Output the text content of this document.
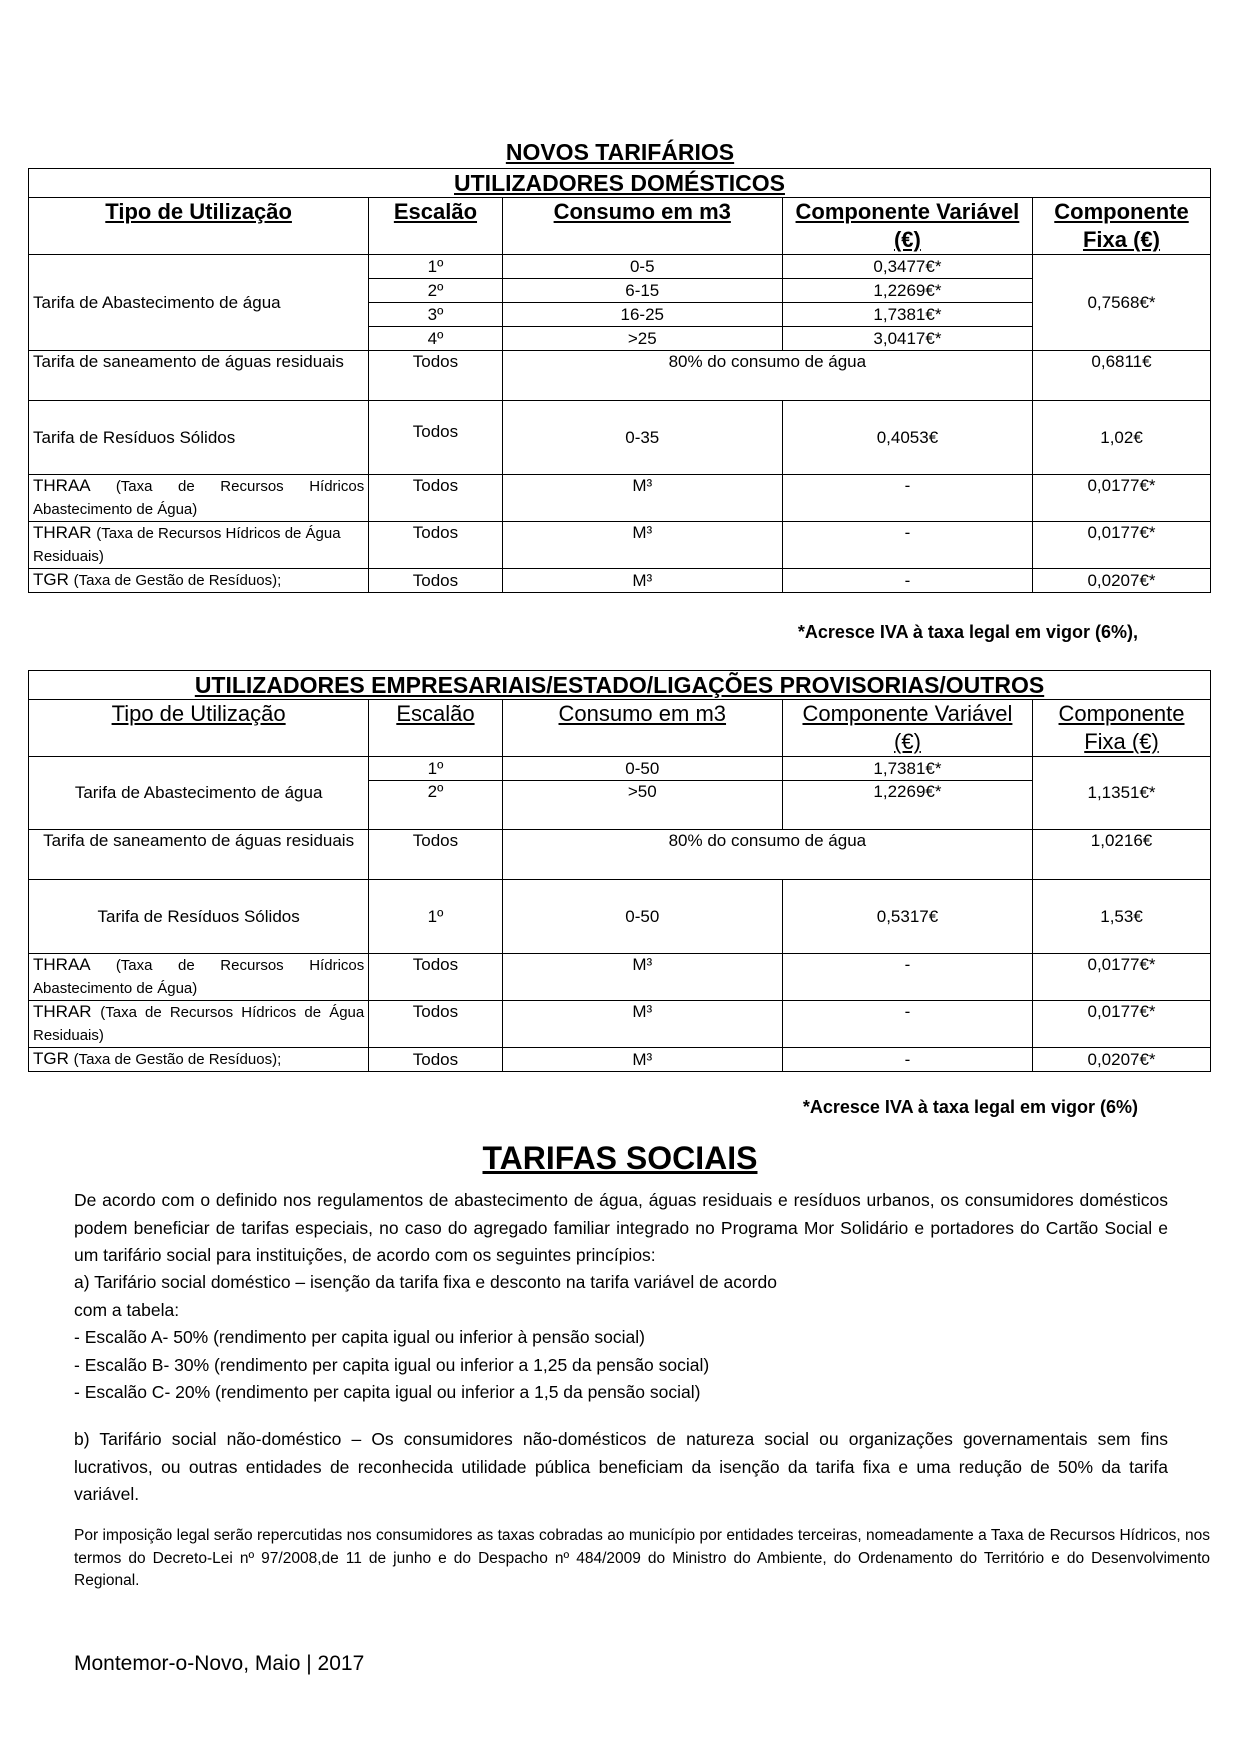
NOVOS TARIFÁRIOS
UTILIZADORES DOMÉSTICOS				
Tipo de Utilização	Escalão	Consumo em m3	Componente Variável (€)	Componente Fixa (€)
Tarifa de Abastecimento de água	1º	0-5	0,3477€*	0,7568€*
	2º	6-15	1,2269€*	
	3º	16-25	1,7381€*	
	4º	>25	3,0417€*	
Tarifa de saneamento de águas residuais	Todos	80% do consumo de água		0,6811€
Tarifa de Resíduos Sólidos	Todos	0-35	0,4053€	1,02€
THRAA (Taxa de Recursos Hídricos Abastecimento de Água)	Todos	M³	-	0,0177€*
THRAR (Taxa de Recursos Hídricos de Água Residuais)	Todos	M³	-	0,0177€*
TGR (Taxa de Gestão de Resíduos);	Todos	M³	-	0,0207€*
*Acresce IVA à taxa legal em vigor (6%),
UTILIZADORES EMPRESARIAIS/ESTADO/LIGAÇÕES PROVISORIAS/OUTROS				
Tipo de Utilização	Escalão	Consumo em m3	Componente Variável (€)	Componente Fixa (€)
Tarifa de Abastecimento de água	1º	0-50	1,7381€*	1,1351€*
	2º	>50	1,2269€*	
Tarifa de saneamento de águas residuais	Todos	80% do consumo de água		1,0216€
Tarifa de Resíduos Sólidos	1º	0-50	0,5317€	1,53€
THRAA (Taxa de Recursos Hídricos Abastecimento de Água)	Todos	M³	-	0,0177€*
THRAR (Taxa de Recursos Hídricos de Água Residuais)	Todos	M³	-	0,0177€*
TGR (Taxa de Gestão de Resíduos);	Todos	M³	-	0,0207€*
*Acresce IVA à taxa legal em vigor (6%)
TARIFAS SOCIAIS
De acordo com o definido nos regulamentos de abastecimento de água, águas residuais e resíduos urbanos, os consumidores domésticos podem beneficiar de tarifas especiais, no caso do agregado familiar integrado no Programa Mor Solidário e portadores do Cartão Social e um tarifário social para instituições, de acordo com os seguintes princípios:
a) Tarifário social doméstico – isenção da tarifa fixa e desconto na tarifa variável de acordo
com a tabela:
- Escalão A- 50% (rendimento per capita igual ou inferior à pensão social)
- Escalão B- 30% (rendimento per capita igual ou inferior a 1,25 da pensão social)
- Escalão C- 20% (rendimento per capita igual ou inferior a 1,5 da pensão social)
b) Tarifário social não-doméstico – Os consumidores não-domésticos de natureza social ou organizações governamentais sem fins lucrativos, ou outras entidades de reconhecida utilidade pública beneficiam da isenção da tarifa fixa e uma redução de 50% da tarifa variável.
Por imposição legal serão repercutidas nos consumidores as taxas cobradas ao município por entidades terceiras, nomeadamente a Taxa de Recursos Hídricos, nos termos do Decreto-Lei nº 97/2008,de 11 de junho e do Despacho nº 484/2009 do Ministro do Ambiente, do Ordenamento do Território e do Desenvolvimento Regional.
Montemor-o-Novo, Maio | 2017
